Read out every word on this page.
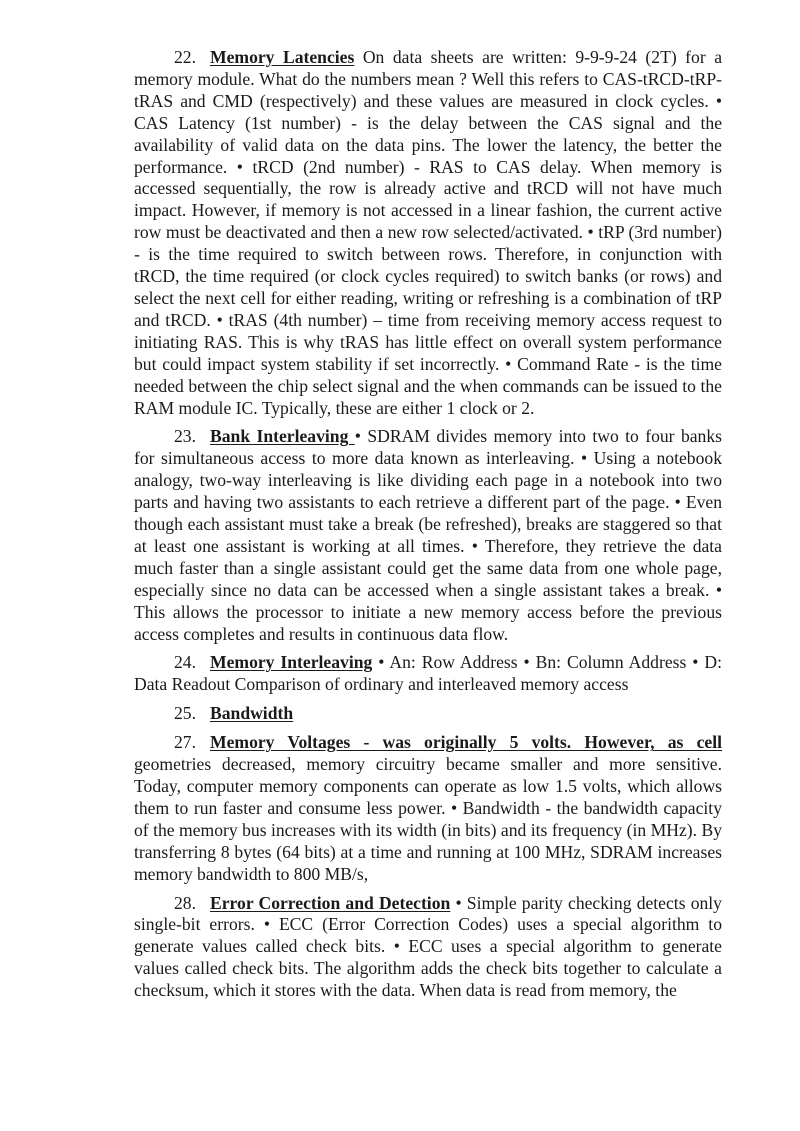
22. Memory Latencies On data sheets are written: 9-9-9-24 (2T) for a memory module. What do the numbers mean ? Well this refers to CAS-tRCD-tRP-tRAS and CMD (respectively) and these values are measured in clock cycles. • CAS Latency (1st number) - is the delay between the CAS signal and the availability of valid data on the data pins. The lower the latency, the better the performance. • tRCD (2nd number) - RAS to CAS delay. When memory is accessed sequentially, the row is already active and tRCD will not have much impact. However, if memory is not accessed in a linear fashion, the current active row must be deactivated and then a new row selected/activated. • tRP (3rd number) - is the time required to switch between rows. Therefore, in conjunction with tRCD, the time required (or clock cycles required) to switch banks (or rows) and select the next cell for either reading, writing or refreshing is a combination of tRP and tRCD. • tRAS (4th number) – time from receiving memory access request to initiating RAS. This is why tRAS has little effect on overall system performance but could impact system stability if set incorrectly. • Command Rate - is the time needed between the chip select signal and the when commands can be issued to the RAM module IC. Typically, these are either 1 clock or 2.

23. Bank Interleaving • SDRAM divides memory into two to four banks for simultaneous access to more data known as interleaving. • Using a notebook analogy, two-way interleaving is like dividing each page in a notebook into two parts and having two assistants to each retrieve a different part of the page. • Even though each assistant must take a break (be refreshed), breaks are staggered so that at least one assistant is working at all times. • Therefore, they retrieve the data much faster than a single assistant could get the same data from one whole page, especially since no data can be accessed when a single assistant takes a break. • This allows the processor to initiate a new memory access before the previous access completes and results in continuous data flow.

24. Memory Interleaving • An: Row Address • Bn: Column Address • D: Data Readout Comparison of ordinary and interleaved memory access

25. Bandwidth

27. Memory Voltages - was originally 5 volts. However, as cell geometries decreased, memory circuitry became smaller and more sensitive. Today, computer memory components can operate as low 1.5 volts, which allows them to run faster and consume less power. • Bandwidth - the bandwidth capacity of the memory bus increases with its width (in bits) and its frequency (in MHz). By transferring 8 bytes (64 bits) at a time and running at 100 MHz, SDRAM increases memory bandwidth to 800 MB/s,

28. Error Correction and Detection • Simple parity checking detects only single-bit errors. • ECC (Error Correction Codes) uses a special algorithm to generate values called check bits. • ECC uses a special algorithm to generate values called check bits. The algorithm adds the check bits together to calculate a checksum, which it stores with the data. When data is read from memory, the
